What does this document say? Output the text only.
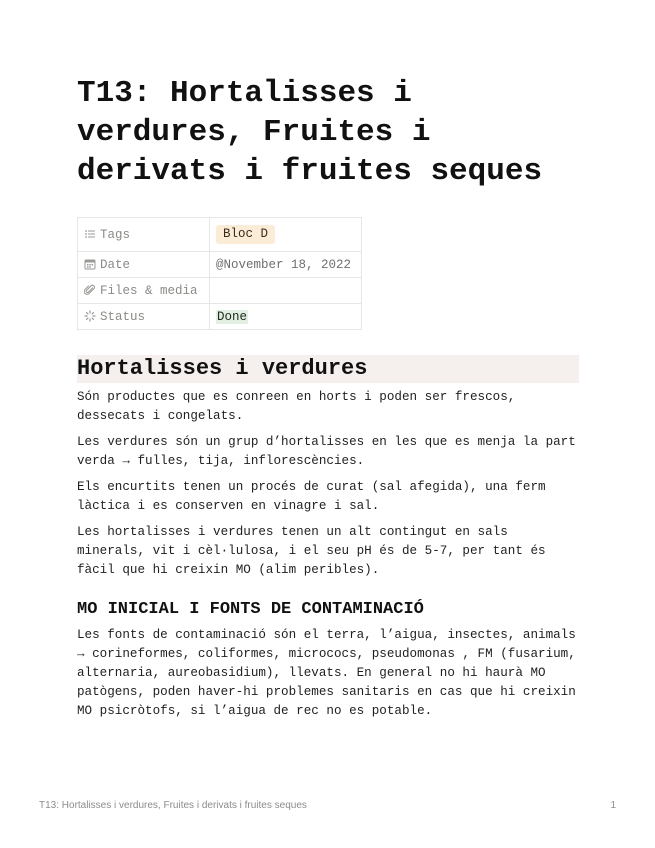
T13: Hortalisses i verdures, Fruites i derivats i fruites seques
Tags	Bloc D
Date	@November 18, 2022
Files & media	
Status	Done
Hortalisses i verdures

Són productes que es conreen en horts i poden ser frescos, dessecats i congelats.

Les verdures són un grup d’hortalisses en les que es menja la part verda → fulles, tija, inflorescències.

Els encurtits tenen un procés de curat (sal afegida), una ferm làctica i es conserven en vinagre i sal.

Les hortalisses i verdures tenen un alt contingut en sals minerals, vit i cèl·lulosa, i el seu pH és de 5-7, per tant és fàcil que hi creixin MO (alim peribles).

MO INICIAL I FONTS DE CONTAMINACIÓ

Les fonts de contaminació són el terra, l’aigua, insectes, animals → corineformes, coliformes, micrococs, pseudomonas , FM (fusarium, alternaria, aureobasidium), llevats. En general no hi haurà MO patògens, poden haver-hi problemes sanitaris en cas que hi creixin MO psicròtofs, si l’aigua de rec no es potable.

T13: Hortalisses i verdures, Fruites i derivats i fruites seques	1
